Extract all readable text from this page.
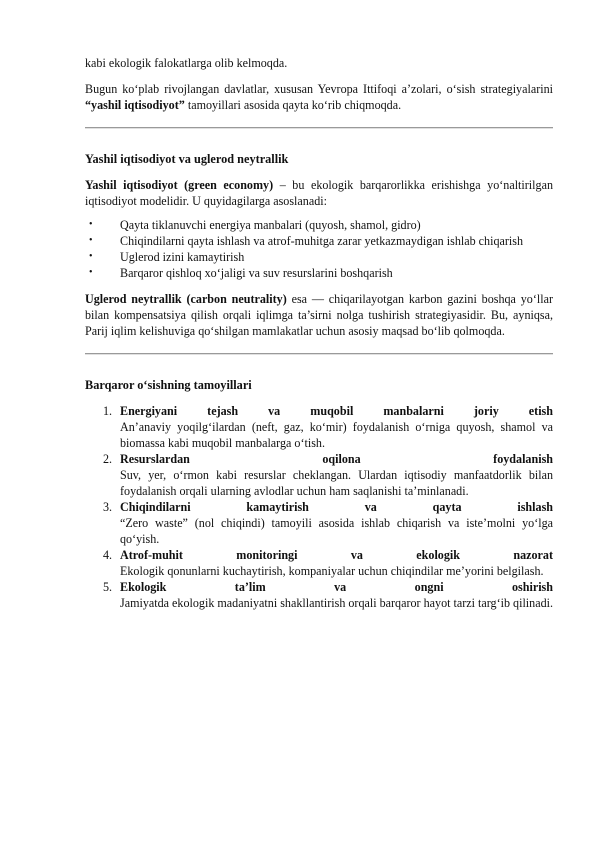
kabi ekologik falokatlarga olib kelmoqda.

Bugun ko‘plab rivojlangan davlatlar, xususan Yevropa Ittifoqi a’zolari, o‘sish strategiyalarini “yashil iqtisodiyot” tamoyillari asosida qayta ko‘rib chiqmoqda.

Yashil iqtisodiyot va uglerod neytrallik

Yashil iqtisodiyot (green economy) – bu ekologik barqarorlikka erishishga yo‘naltirilgan iqtisodiyot modelidir. U quyidagilarga asoslanadi:

• Qayta tiklanuvchi energiya manbalari (quyosh, shamol, gidro)
• Chiqindilarni qayta ishlash va atrof-muhitga zarar yetkazmaydigan ishlab chiqarish
• Uglerod izini kamaytirish
• Barqaror qishloq xo‘jaligi va suv resurslarini boshqarish

Uglerod neytrallik (carbon neutrality) esa — chiqarilayotgan karbon gazini boshqa yo‘llar bilan kompensatsiya qilish orqali iqlimga ta’sirni nolga tushirish strategiyasidir. Bu, ayniqsa, Parij iqlim kelishuviga qo‘shilgan mamlakatlar uchun asosiy maqsad bo‘lib qolmoqda.

Barqaror o‘sishning tamoyillari
1. Energiyani tejash va muqobil manbalarni joriy etish
An’anaviy yoqilg‘ilardan (neft, gaz, ko‘mir) foydalanish o‘rniga quyosh, shamol va biomassa kabi muqobil manbalarga o‘tish.
2. Resurslardan oqilona foydalanish
Suv, yer, o‘rmon kabi resurslar cheklangan. Ulardan iqtisodiy manfaatdorlik bilan foydalanish orqali ularning avlodlar uchun ham saqlanishi ta’minlanadi.
3. Chiqindilarni kamaytirish va qayta ishlash
“Zero waste” (nol chiqindi) tamoyili asosida ishlab chiqarish va iste’molni yo‘lga qo‘yish.
4. Atrof-muhit monitoringi va ekologik nazorat
Ekologik qonunlarni kuchaytirish, kompaniyalar uchun chiqindilar me’yorini belgilash.
5. Ekologik ta’lim va ongni oshirish
Jamiyatda ekologik madaniyatni shakllantirish orqali barqaror hayot tarzi targ‘ib qilinadi.
